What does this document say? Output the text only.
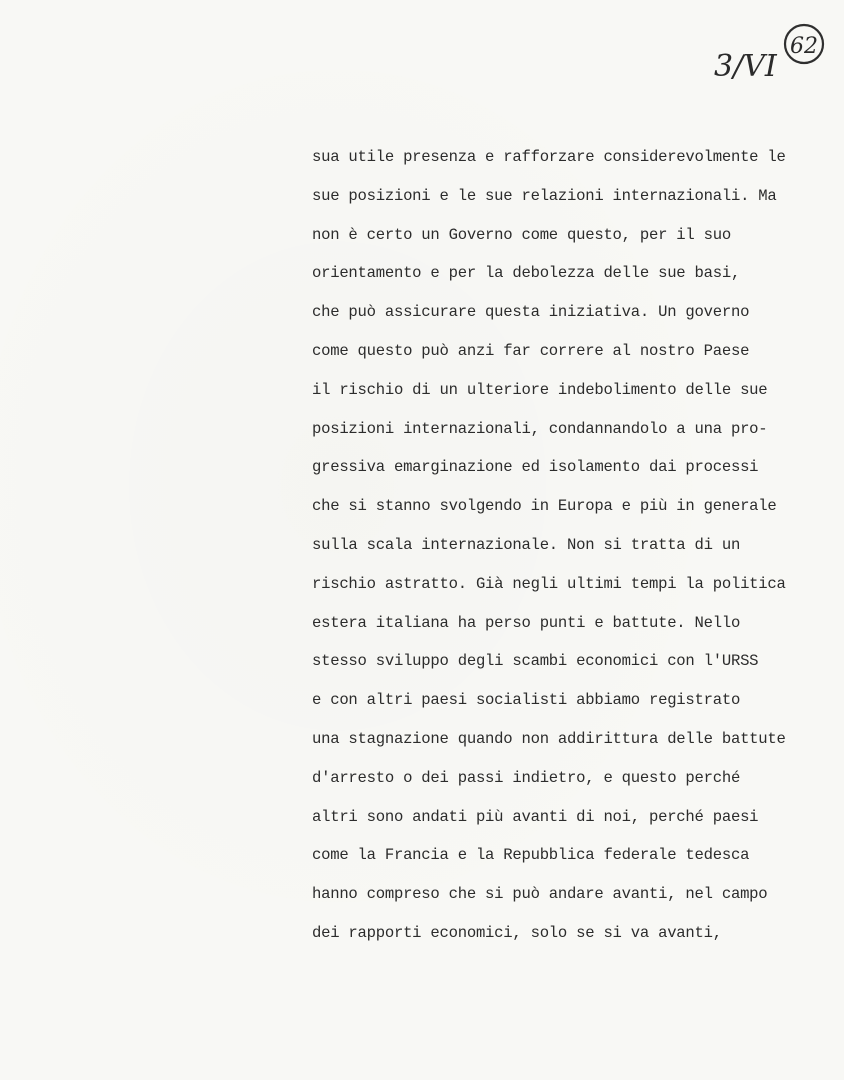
3/VI
62
sua utile presenza e rafforzare considerevolmente le
sue posizioni e le sue relazioni internazionali. Ma
non è certo un Governo come questo, per il suo
orientamento e per la debolezza delle sue basi,
che può assicurare questa iniziativa. Un governo
come questo può anzi far correre al nostro Paese
il rischio di un ulteriore indebolimento delle sue
posizioni internazionali, condannandolo a una pro-
gressiva emarginazione ed isolamento dai processi
che si stanno svolgendo in Europa e più in generale
sulla scala internazionale. Non si tratta di un
rischio astratto. Già negli ultimi tempi la politica
estera italiana ha perso punti e battute. Nello
stesso sviluppo degli scambi economici con l'URSS
e con altri paesi socialisti abbiamo registrato
una stagnazione quando non addirittura delle battute
d'arresto o dei passi indietro, e questo perché
altri sono andati più avanti di noi, perché paesi
come la Francia e la Repubblica federale tedesca
hanno compreso che si può andare avanti, nel campo
dei rapporti economici, solo se si va avanti,
